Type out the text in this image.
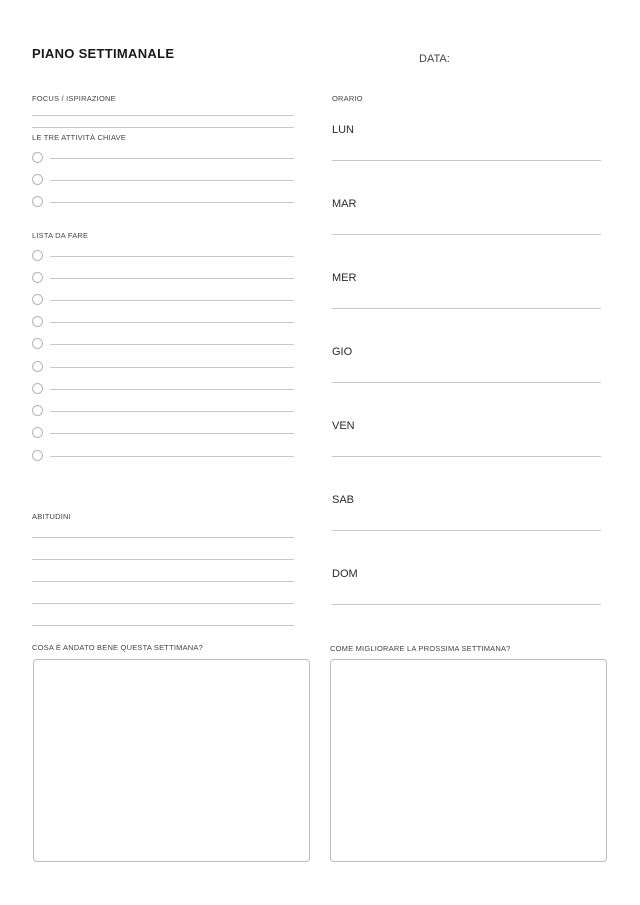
PIANO SETTIMANALE	DATA:
FOCUS / ISPIRAZIONE
LE TRE ATTIVITÀ CHIAVE
LISTA DA FARE
ABITUDINI
ORARIO
LUN
MAR
MER
GIO
VEN
SAB
DOM
COSA È ANDATO BENE QUESTA SETTIMANA?	COME MIGLIORARE LA PROSSIMA SETTIMANA?
